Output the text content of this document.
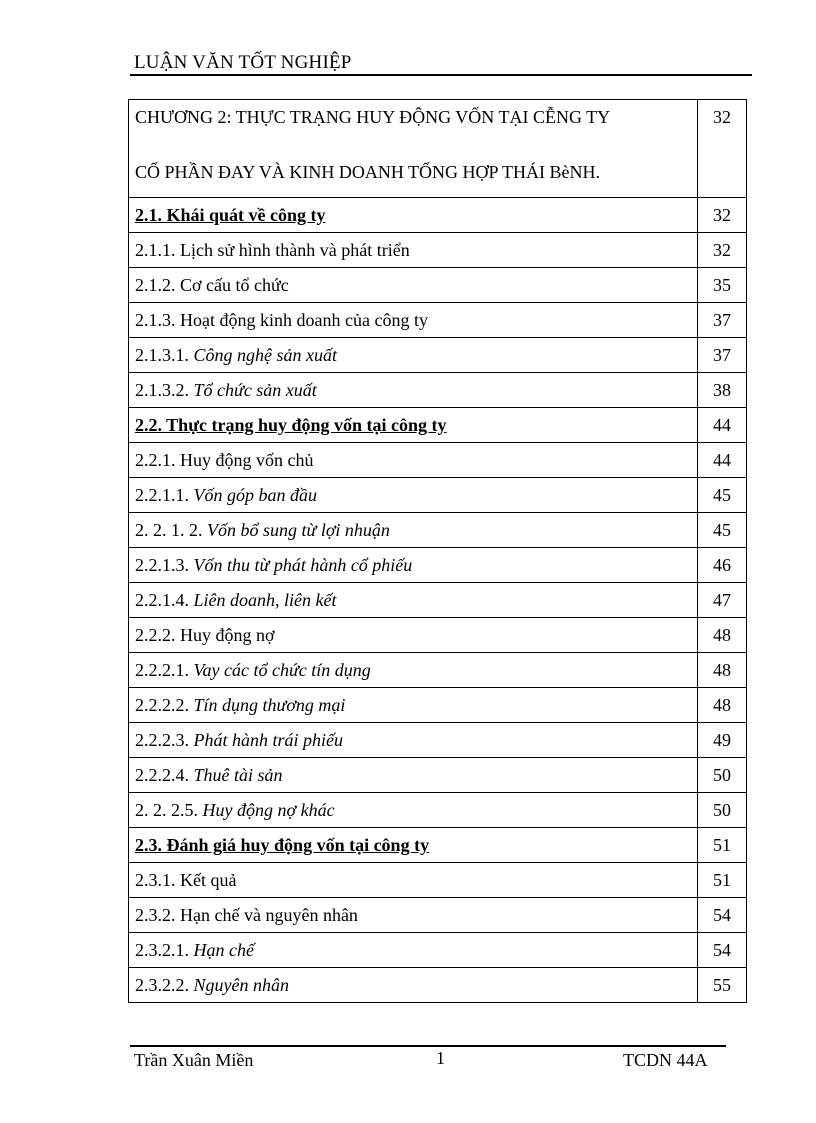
LUẬN VĂN TỐT NGHIỆP
CHƯƠNG 2: THỰC TRẠNG HUY ĐỘNG VỐN TẠI CỄNG TY
CỔ PHẦN ĐAY VÀ KINH DOANH TỔNG HỢP THÁI BèNH.	32
2.1. Khái quát về công ty	32
2.1.1. Lịch sử hình thành và phát triển	32
2.1.2. Cơ cấu tổ chức	35
2.1.3. Hoạt động kinh doanh của công ty	37
2.1.3.1. Công nghệ sản xuất	37
2.1.3.2. Tổ chức sản xuất	38
2.2. Thực trạng huy động vốn tại công ty	44
2.2.1. Huy động vốn chủ	44
2.2.1.1. Vốn góp ban đầu	45
2. 2. 1. 2. Vốn bổ sung từ lợi nhuận	45
2.2.1.3. Vốn thu từ phát hành cổ phiếu	46
2.2.1.4. Liên doanh, liên kết	47
2.2.2. Huy động nợ	48
2.2.2.1. Vay các tổ chức tín dụng	48
2.2.2.2. Tín dụng thương mại	48
2.2.2.3. Phát hành trái phiếu	49
2.2.2.4. Thuê tài sản	50
2. 2. 2.5. Huy động nợ khác	50
2.3. Đánh giá huy động vốn tại công ty	51
2.3.1. Kết quả	51
2.3.2. Hạn chế và nguyên nhân	54
2.3.2.1. Hạn chế	54
2.3.2.2. Nguyên nhân	55
Trần Xuân Miền	1	TCDN 44A
